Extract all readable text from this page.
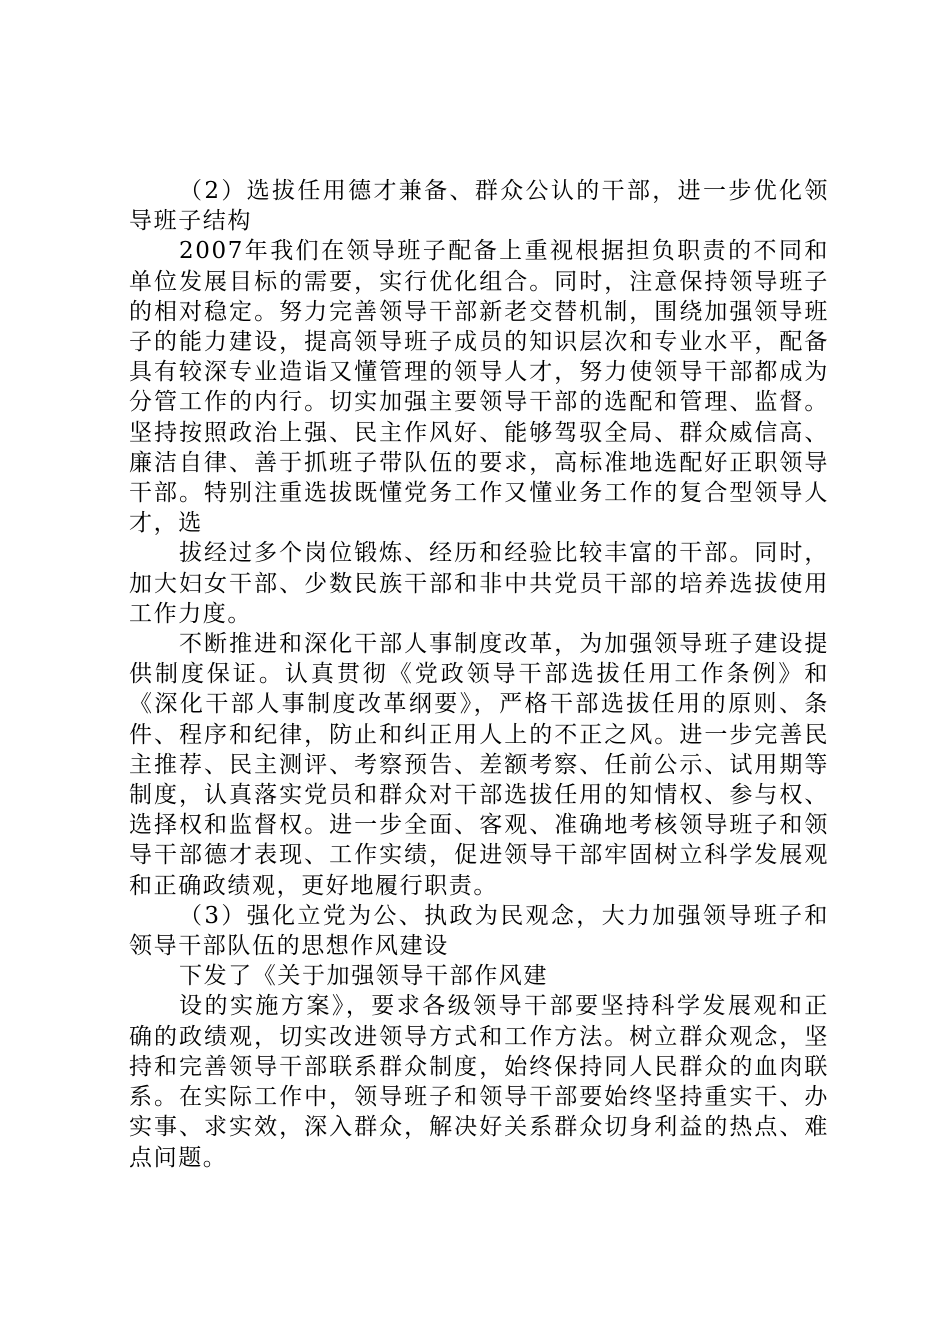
（2）选拔任用德才兼备、群众公认的干部，进一步优化领导班子结构

2007年我们在领导班子配备上重视根据担负职责的不同和单位发展目标的需要，实行优化组合。同时，注意保持领导班子的相对稳定。努力完善领导干部新老交替机制，围绕加强领导班子的能力建设，提高领导班子成员的知识层次和专业水平，配备具有较深专业造诣又懂管理的领导人才，努力使领导干部都成为分管工作的内行。切实加强主要领导干部的选配和管理、监督。坚持按照政治上强、民主作风好、能够驾驭全局、群众威信高、廉洁自律、善于抓班子带队伍的要求，高标准地选配好正职领导干部。特别注重选拔既懂党务工作又懂业务工作的复合型领导人才，选

拔经过多个岗位锻炼、经历和经验比较丰富的干部。同时，加大妇女干部、少数民族干部和非中共党员干部的培养选拔使用工作力度。

不断推进和深化干部人事制度改革，为加强领导班子建设提供制度保证。认真贯彻《党政领导干部选拔任用工作条例》和《深化干部人事制度改革纲要》，严格干部选拔任用的原则、条件、程序和纪律，防止和纠正用人上的不正之风。进一步完善民主推荐、民主测评、考察预告、差额考察、任前公示、试用期等制度，认真落实党员和群众对干部选拔任用的知情权、参与权、选择权和监督权。进一步全面、客观、准确地考核领导班子和领导干部德才表现、工作实绩，促进领导干部牢固树立科学发展观和正确政绩观，更好地履行职责。

（3）强化立党为公、执政为民观念，大力加强领导班子和领导干部队伍的思想作风建设

下发了《关于加强领导干部作风建

设的实施方案》，要求各级领导干部要坚持科学发展观和正确的政绩观，切实改进领导方式和工作方法。树立群众观念，坚持和完善领导干部联系群众制度，始终保持同人民群众的血肉联系。在实际工作中，领导班子和领导干部要始终坚持重实干、办实事、求实效，深入群众，解决好关系群众切身利益的热点、难点问题。
